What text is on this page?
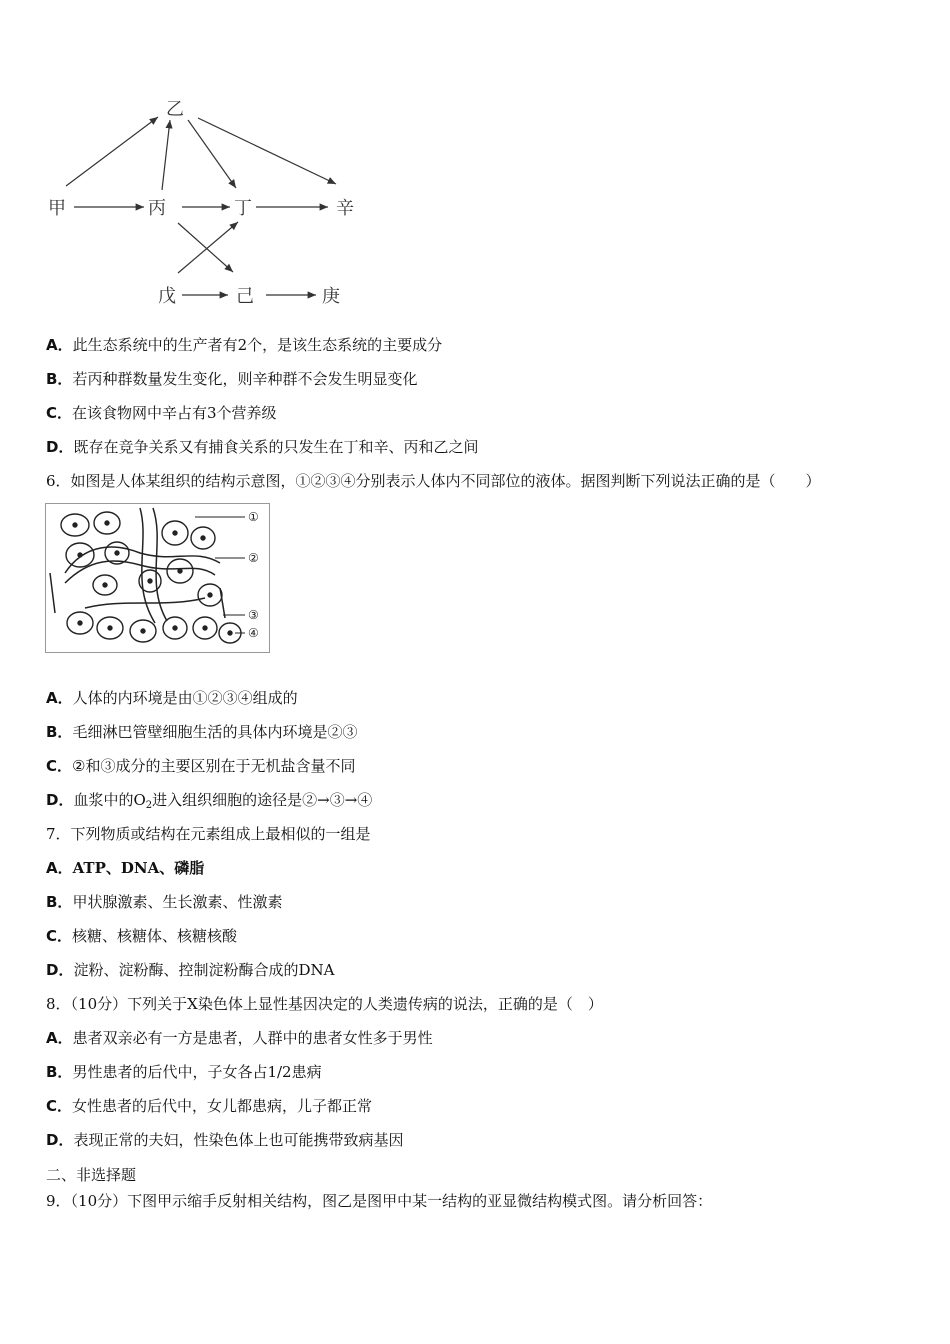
乙
甲	丙	丁	辛
戊	己	庚
A．此生态系统中的生产者有2个，是该生态系统的主要成分
B．若丙种群数量发生变化，则辛种群不会发生明显变化
C．在该食物网中辛占有3个营养级
D．既存在竞争关系又有捕食关系的只发生在丁和辛、丙和乙之间
6．如图是人体某组织的结构示意图，①②③④分别表示人体内不同部位的液体。据图判断下列说法正确的是（　　）
①
②
③
④
A．人体的内环境是由①②③④组成的
B．毛细淋巴管壁细胞生活的具体内环境是②③
C．②和③成分的主要区别在于无机盐含量不同
D．血浆中的$O_2$进入组织细胞的途径是②→③→④
7．下列物质或结构在元素组成上最相似的一组是
A．ATP、DNA、磷脂
B．甲状腺激素、生长激素、性激素
C．核糖、核糖体、核糖核酸
D．淀粉、淀粉酶、控制淀粉酶合成的DNA
8．（10分）下列关于X染色体上显性基因决定的人类遗传病的说法，正确的是（　）
A．患者双亲必有一方是患者，人群中的患者女性多于男性
B．男性患者的后代中，子女各占1/2患病
C．女性患者的后代中，女儿都患病，儿子都正常
D．表现正常的夫妇，性染色体上也可能携带致病基因
二、非选择题
9．（10分）下图甲示缩手反射相关结构，图乙是图甲中某一结构的亚显微结构模式图。请分析回答：
